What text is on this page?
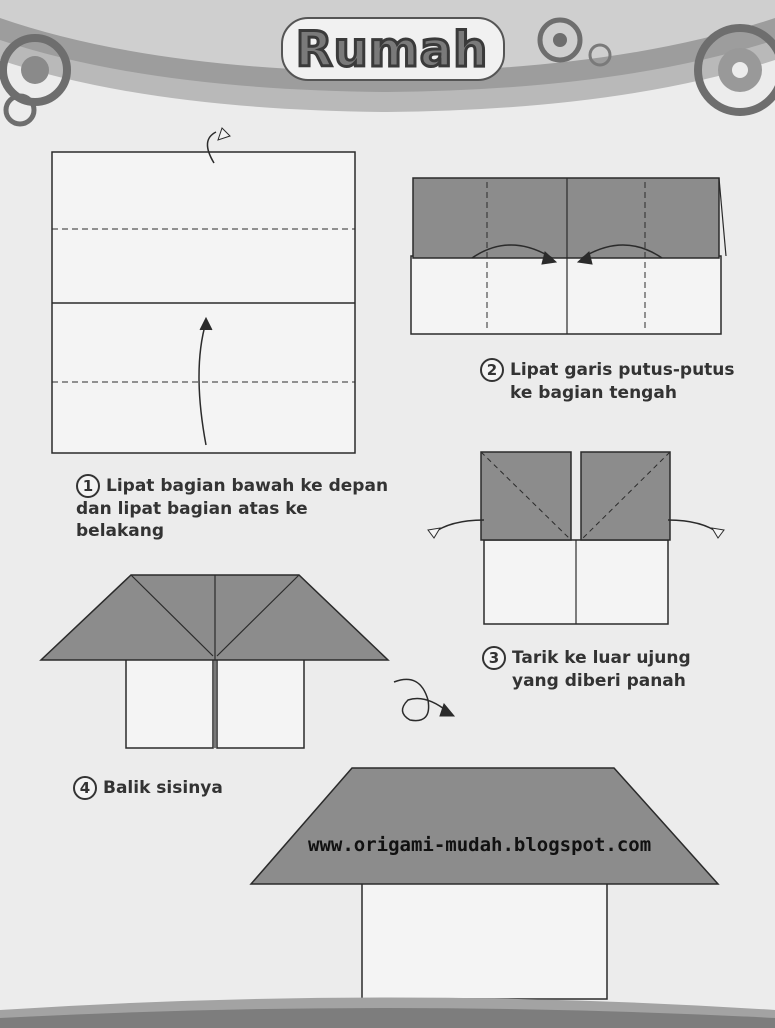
Rumah
1 Lipat bagian bawah ke depan
dan lipat bagian atas ke
belakang
2 Lipat garis putus-putus
ke bagian tengah
3 Tarik ke luar ujung
yang diberi panah
4 Balik sisinya
www.origami-mudah.blogspot.com
